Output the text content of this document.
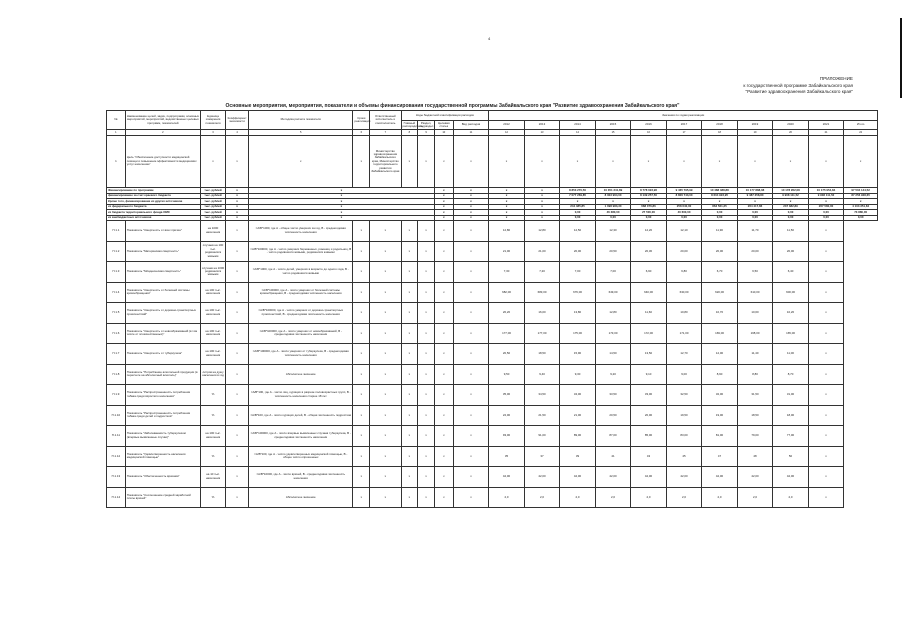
4
ПРИЛОЖЕНИЕ
к государственной программе Забайкальского края
"Развитие здравоохранения Забайкальского края"
Основные мероприятия, мероприятия, показатели и объемы финансирования государственной программы Забайкальского края "Развитие здравоохранения Забайкальского края"
№	Наименование целей, задач, подпрограмм, основных мероприятий, мероприятий, ведомственных целевых программ, показателей	Единица измерения показателя	Коэффициент значимости	Методика расчета показателя	Сроки реализации	Ответственный исполнитель и соисполнитель	Коды бюджетной классификации расходов				Значения по годам реализации										
							Главный распорядитель	Раздел, подраздел	Целевая статья	Вид расходов	2012	2013	2014	2015	2016	2017	2018	2019	2020	2021	Итого
1	2	3	4	5	6	7	8	9	10	11	12	13	14	15	16	17	18	19	20	21	22
1	Цель "Обеспечение доступности медицинской помощи и повышение эффективности медицинских услуг населению"	х	х	х	х	Министерство здравоохранения Забайкальского края, Министерство территориального развития Забайкальского края	х	х	х	х	х	х	х	х	х	х	х	х	х	х	х
Финансирование по программе		тыс. рублей	х	х					х	х	х	х	8 853 270,50	10 351 341,89	8 778 023,96	9 465 795,99	10 488 488,88	10 177 888,08	10 178 952,08	10 175 954,84	97 504 144,52
финансирование за счет краевого бюджета		тыс. рублей	х	х					х	х	х	х	7 077 269,85	8 303 964,00	8 139 257,50	8 806 743,00	8 604 923,95	9 487 258,80	9 908 111,52	9 908 111,52	87 256 928,65
Кроме того, финансирование из других источников		тыс. рублей	х	х					х	х	х	х	х	х	х	х	х	х	х	х	х
из федерального бюджета		тыс. рублей	х	х					х	х	х	х	244 485,85	1 098 983,30	688 076,86	258 640,00	863 561,25	264 417,86	237 382,89	267 580,00	4 103 351,84
из бюджета территориального фонда ОМС		тыс. рублей	х	х					х	х	х	х	0,00	46 380,00	27 500,00	40 600,00	0,00	0,00	0,00	0,00	73 880,00
из внебюджетных источников		тыс. рублей	х	х					х	х	х	х	0,00	0,00	0,00	0,00	0,00	0,00	0,00	0,00	0,00
П.1.1	Показатель "Смертность от всех причин"	на 1000 населения	х	=А/В*1000, где А - общее число умерших за год, В - среднегодовая численность населения	х	х	х	х	х	х	12,80	12,80	12,50	12,30	12,20	12,10	11,90	11,70	11,50	х	
П.1.2	Показатель "Материнская смертность"	случаев на 100 тыс. родившихся живыми	х	=А/В*100000, где А - число умерших беременных, рожениц и родильниц, В - число родившихся живыми, родившихся живыми	х	х	х	х	х	х	21,00	21,00	20,00	20,50	20,30	20,00	20,00	20,00	20,00	х	
П.1.3	Показатель "Младенческая смертность"	случаев на 1000 родившихся живыми	х	=А/В*1000, где А - число детей, умерших в возрасте до одного года, В - число родившихся живыми	х	х	х	х	х	х	7,30	7,20	7,00	7,00	6,90	6,80	6,70	6,50	6,40	х	
П.1.4	Показатель "Смертность от болезней системы кровообращения"	на 100 тыс. населения	х	=А/В*100000, где А - число умерших от болезней системы кровообращения, В - среднегодовая численность населения	х	х	х	х	х	х	682,00	683,00	676,00	649,00	640,00	630,00	620,00	610,00	600,00	х	
П.1.5	Показатель "Смертность от дорожно-транспортных происшествий"	на 100 тыс. населения	х	=А/В*100000, где А - число умерших от дорожно-транспортных происшествий, В - среднегодовая численность населения	х	х	х	х	х	х	20,20	16,00	13,80	12,80	11,60	10,80	10,70	10,60	10,20	х	
П.1.6	Показатель "Смертность от новообразований (в том числе от злокачественных)"	на 100 тыс. населения	х	=А/В*100000, где А - число умерших от новообразований, В - среднегодовая численность населения	х	х	х	х	х	х	177,00	177,00	175,00	173,00	172,00	171,00	169,00	168,00	165,00	х	
П.1.7	Показатель "Смертность от туберкулеза"	на 100 тыс. населения	х	=А/В*100000, где А - число умерших от туберкулеза, В - среднегодовая численность населения	х	х	х	х	х	х	20,50	18,50	15,90	14,50	13,50	12,70	12,00	11,40	11,00	х	
П.1.8	Показатель "Потребление алкогольной продукции (в пересчете на абсолютный алкоголь)"	литров на душу населения в год	х	Абсолютное значение	х	х	х	х	х	х	9,50	9,40	9,30	9,20	9,10	9,00	8,90	8,80	8,70	х	
П.1.9	Показатель "Распространенность потребления табака среди взрослого населения"	%	х	=А/В*100, где А - число лиц, курящих в разрезе половозрастных групп, В - численность населения старше 18 лет	х	х	х	х	х	х	35,00	34,50	34,00	33,50	33,00	32,50	32,00	31,50	31,00	х	
П.1.10	Показатель "Распространенность потребления табака среди детей и подростков"	%	х	=А/В*100, где А - число курящих детей, В - общая численность подростков	х	х	х	х	х	х	22,00	21,50	21,00	20,50	20,00	19,50	19,00	18,50	18,00	х	
П.1.11	Показатель "Заболеваемость туберкулезом (впервые выявленные случаи)"	на 100 тыс. населения	х	=А/В*100000, где А - число впервые выявленных случаев туберкулеза, В - среднегодовая численность населения	х	х	х	х	х	х	93,00	91,00	89,00	87,00	85,00	83,00	81,00	79,00	77,00	х	
П.1.12	Показатель "Удовлетворенность населения медицинской помощью"	%	х	=А/В*100, где А - число удовлетворенных медицинской помощью, В - общее число опрошенных	х	х	х	х	х	х	35	37	39	41	43	45	47	48	50	х	
П.1.13	Показатель "Обеспеченность врачами"	на 10 тыс. населения	х	=А/В*10000, где А - число врачей, В - среднегодовая численность населения	х	х	х	х	х	х	42,00	42,00	42,00	42,00	42,00	42,00	42,00	42,00	42,00	х	
П.1.14	Показатель "Соотношение средней заработной платы врачей"	%	х	Абсолютное значение	х	х	х	х	х	х	2,0	2,0	2,0	2,0	2,0	2,0	2,0	2,0	2,0	х	
